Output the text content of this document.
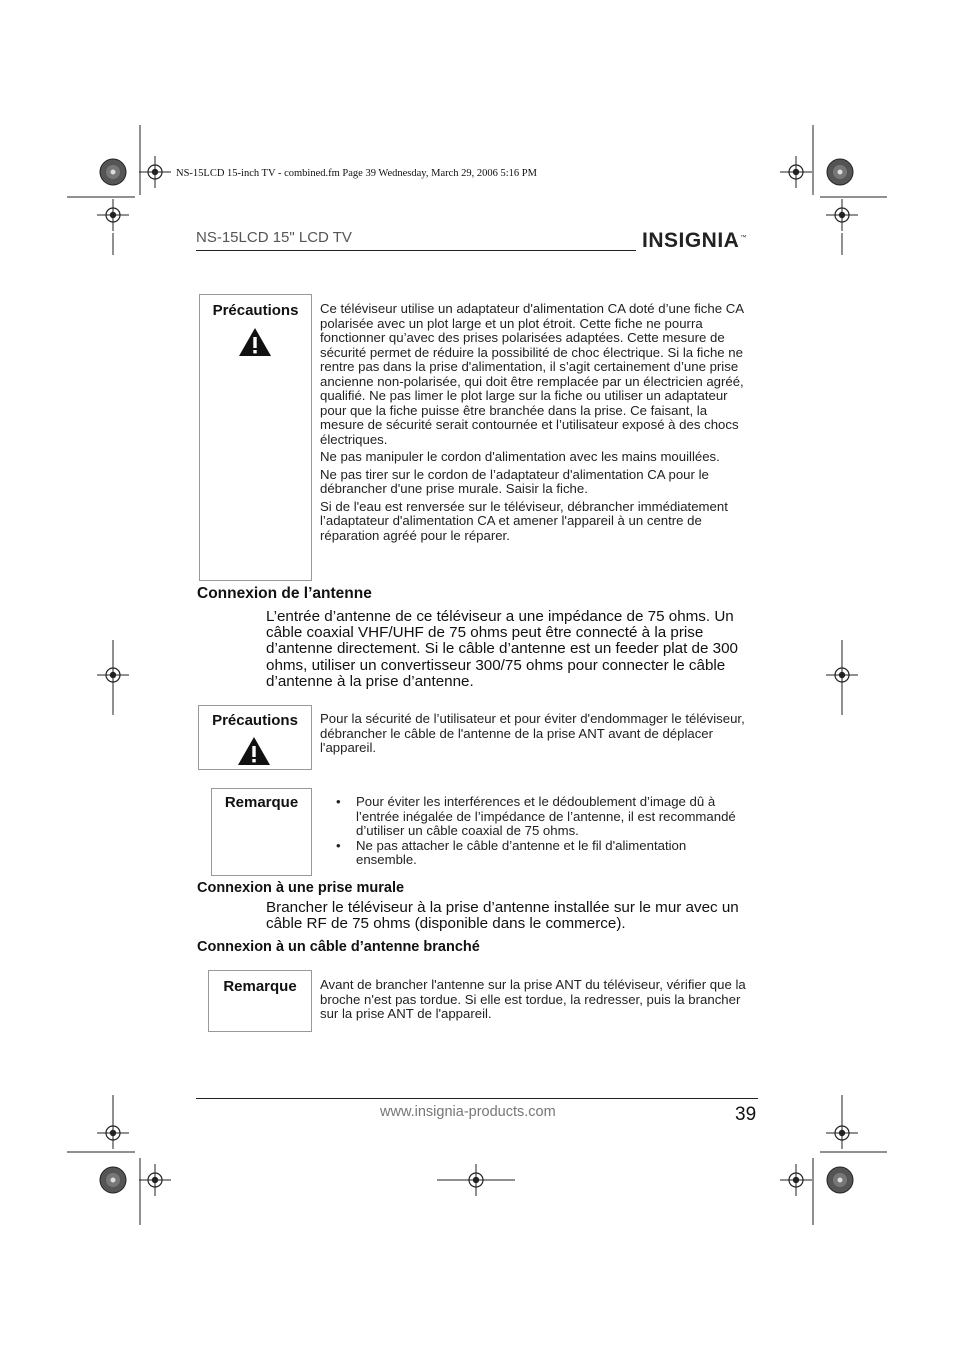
NS-15LCD 15-inch TV - combined.fm Page 39 Wednesday, March 29, 2006 5:16 PM
NS-15LCD 15" LCD TV	INSIGNIA™
Précautions	Ce téléviseur utilise un adaptateur d'alimentation CA doté d’une fiche CA polarisée avec un plot large et un plot étroit. Cette fiche ne pourra fonctionner qu’avec des prises polarisées adaptées. Cette mesure de sécurité permet de réduire la possibilité de choc électrique. Si la fiche ne rentre pas dans la prise d'alimentation, il s’agit certainement d’une prise ancienne non-polarisée, qui doit être remplacée par un électricien agréé, qualifié. Ne pas limer le plot large sur la fiche ou utiliser un adaptateur pour que la fiche puisse être branchée dans la prise. Ce faisant, la mesure de sécurité serait contournée et l’utilisateur exposé à des chocs électriques.

Ne pas manipuler le cordon d'alimentation avec les mains mouillées.

Ne pas tirer sur le cordon de l’adaptateur d'alimentation CA pour le débrancher d'une prise murale. Saisir la fiche.

Si de l'eau est renversée sur le téléviseur, débrancher immédiatement l’adaptateur d'alimentation CA et amener l'appareil à un centre de réparation agréé pour le réparer.

Connexion de l’antenne
L’entrée d’antenne de ce téléviseur a une impédance de 75 ohms. Un câble coaxial VHF/UHF de 75 ohms peut être connecté à la prise d’antenne directement. Si le câble d’antenne est un feeder plat de 300 ohms, utiliser un convertisseur 300/75 ohms pour connecter le câble d’antenne à la prise d’antenne.
Précautions	Pour la sécurité de l’utilisateur et pour éviter d'endommager le téléviseur, débrancher le câble de l'antenne de la prise ANT avant de déplacer l'appareil.
Remarque
•	Pour éviter les interférences et le dédoublement d’image dû à l’entrée inégalée de l’impédance de l’antenne, il est recommandé d’utiliser un câble coaxial de 75 ohms.
• Ne pas attacher le câble d’antenne et le fil d'alimentation ensemble.
Connexion à une prise murale
Brancher le téléviseur à la prise d’antenne installée sur le mur avec un câble RF de 75 ohms (disponible dans le commerce).
Connexion à un câble d’antenne branché
Remarque	Avant de brancher l'antenne sur la prise ANT du téléviseur, vérifier que la broche n'est pas tordue. Si elle est tordue, la redresser, puis la brancher sur la prise ANT de l'appareil.
www.insignia-products.com	39
